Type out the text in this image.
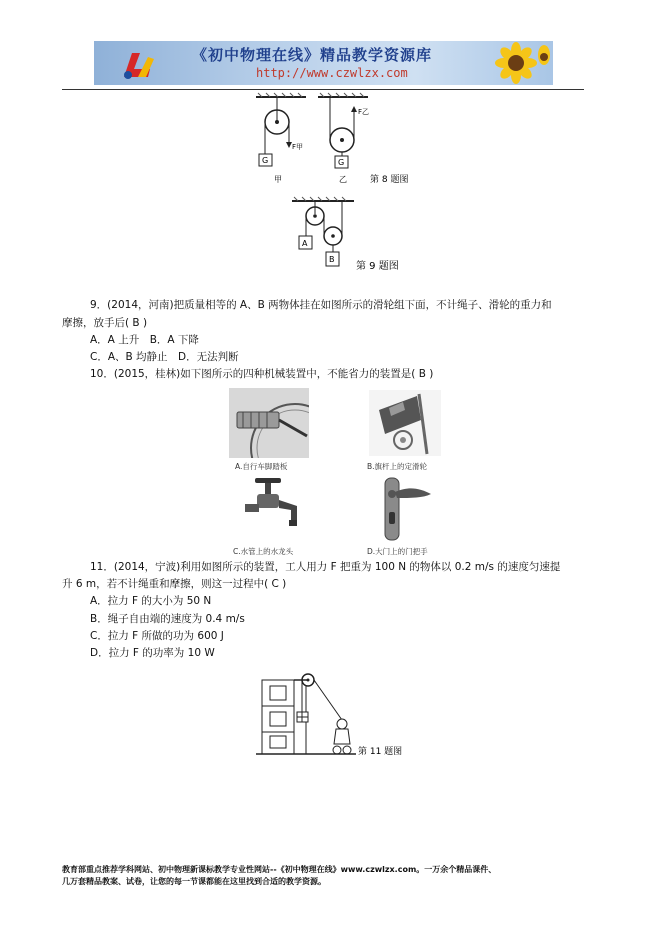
《初中物理在线》精品教学资源库
http://www.czwlzx.com
F甲
G
甲
F乙
G
乙	第 8 题图
A
B
第 9 题图
9．(2014，河南)把质量相等的 A、B 两物体挂在如图所示的滑轮组下面，不计绳子、滑轮的重力和
摩擦，放手后( B )
A．A 上升　B．A 下降
C．A、B 均静止　D．无法判断
10．(2015，桂林)如下图所示的四种机械装置中，不能省力的装置是( B )
A.自行车脚踏板	B.旗杆上的定滑轮
C.水管上的水龙头	D.大门上的门把手
11．(2014，宁波)利用如图所示的装置，工人用力 F 把重为 100 N 的物体以 0.2 m/s 的速度匀速提
升 6 m，若不计绳重和摩擦，则这一过程中( C )
A．拉力 F 的大小为 50 N
B．绳子自由端的速度为 0.4 m/s
C．拉力 F 所做的功为 600 J
D．拉力 F 的功率为 10 W
第 11 题图
教育部重点推荐学科网站、初中物理新课标教学专业性网站--《初中物理在线》www.czwlzx.com。一万余个精品课件、
几万套精品教案、试卷，让您的每一节课都能在这里找到合适的教学资源。
